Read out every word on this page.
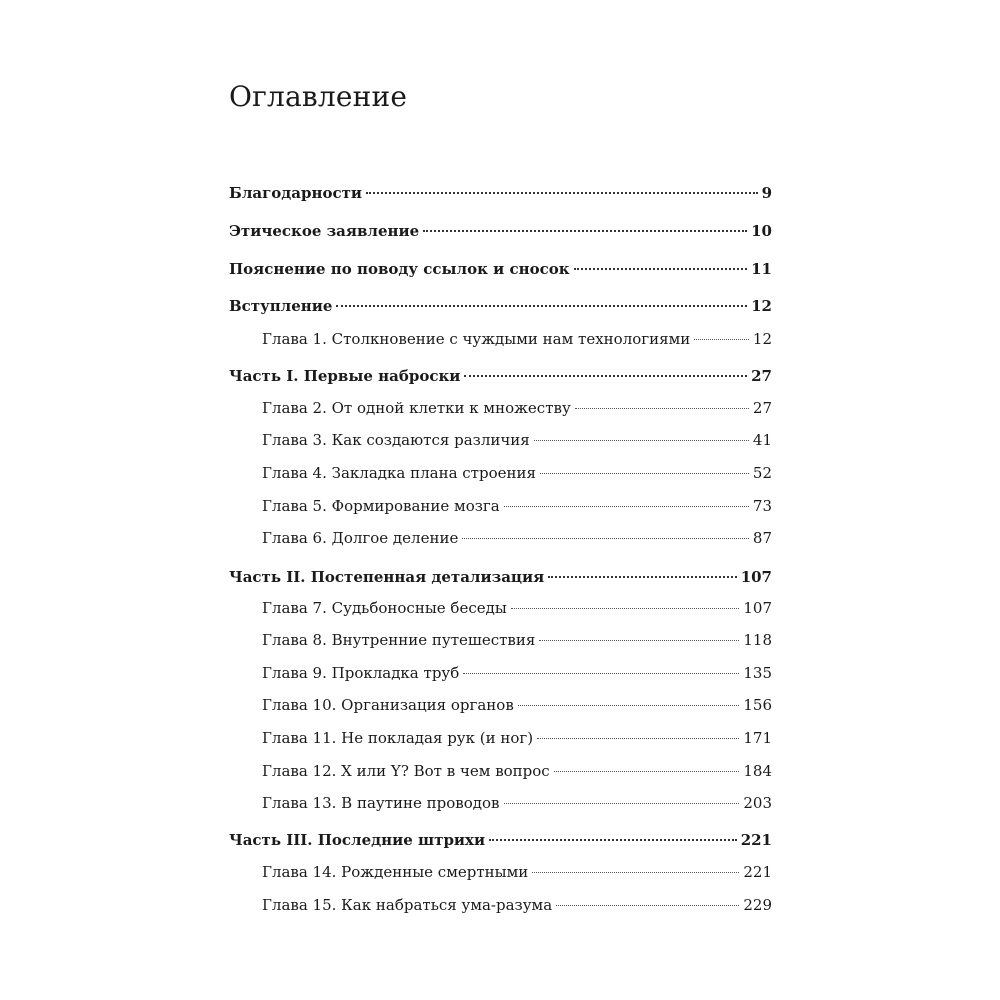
Оглавление
Благодарности	9
Этическое заявление	10
Пояснение по поводу ссылок и сносок	11
Вступление	12
Глава 1. Столкновение с чуждыми нам технологиями	12
Часть I. Первые наброски	27
Глава 2. От одной клетки к множеству	27
Глава 3. Как создаются различия	41
Глава 4. Закладка плана строения	52
Глава 5. Формирование мозга	73
Глава 6. Долгое деление	87
Часть II. Постепенная детализация	107
Глава 7. Судьбоносные беседы	107
Глава 8. Внутренние путешествия	118
Глава 9. Прокладка труб	135
Глава 10. Организация органов	156
Глава 11. Не покладая рук (и ног)	171
Глава 12. X или Y? Вот в чем вопрос	184
Глава 13. В паутине проводов	203
Часть III. Последние штрихи	221
Глава 14. Рожденные смертными	221
Глава 15. Как набраться ума-разума	229
